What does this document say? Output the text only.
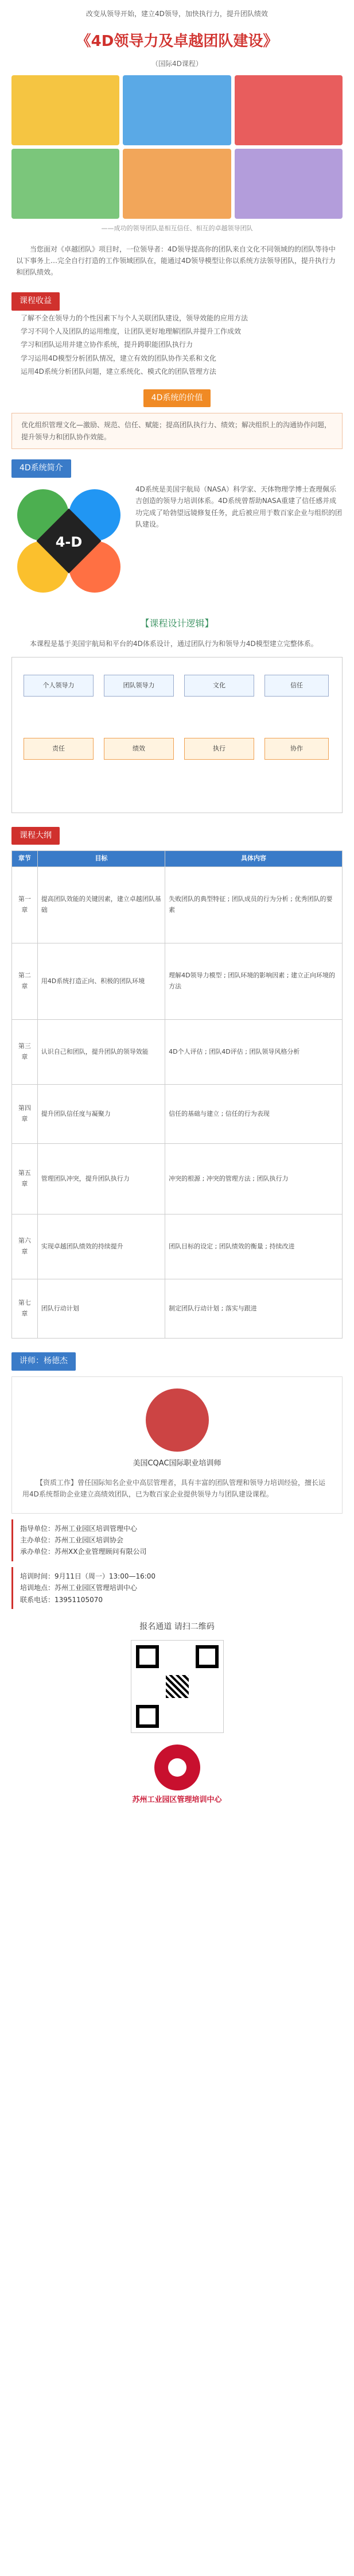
改变从领导开始，建立4D领导，加快执行力，提升团队绩效
《4D领导力及卓越团队建设》
（国际4D课程）
——成功的领导团队是相互信任、相互的卓越领导团队

当您面对《卓越团队》项目时，一位领导者：4D领导提高你的团队来自文化不同领域的的团队等待中以下事务上…完全自行打造的工作领域团队在，能通过4D领导模型让你以系统方法领导团队，提升执行力和团队绩效。

课程收益

了解不全在领导力的个性因素下与个人关联团队建设，领导效能的应用方法

学习不同个人及团队的运用维度，让团队更好地理解团队并提升工作成效

学习和团队运用并建立协作系统，提升跨职能团队执行力

学习运用4D模型分析团队情况，建立有效的团队协作关系和文化

运用4D系统分析团队问题，建立系统化、模式化的团队管理方法

4D系统的价值
优化组织管理文化—激励、规范、信任、赋能；提高团队执行力、绩效；解决组织上的沟通协作问题，提升领导力和团队协作效能。
4D系统简介
4-D
4D系统是美国宇航局（NASA）科学家、天体物理学博士查理佩乐吉创造的领导力培训体系。4D系统曾帮助NASA重建了信任感并成功完成了哈勃望远镜修复任务，此后被应用于数百家企业与组织的团队建设。
【课程设计逻辑】

本课程是基于美国宇航局和平台的4D体系设计，通过团队行为和领导力4D模型建立完整体系。

个人领导力	团队领导力	文化	信任
责任	绩效	执行	协作
课程大纲
章节	目标	具体内容
第一章	提高团队效能的关键因素，建立卓越团队基础	失败团队的典型特征 ; 团队成员的行为分析 ; 优秀团队的要素
第二章	用4D系统打造正向、积极的团队环境	理解4D领导力模型 ; 团队环境的影响因素 ; 建立正向环境的方法
第三章	认识自己和团队，提升团队的领导效能	4D个人评估 ; 团队4D评估 ; 团队领导风格分析
第四章	提升团队信任度与凝聚力	信任的基础与建立 ; 信任的行为表现
第五章	管理团队冲突，提升团队执行力	冲突的根源 ; 冲突的管理方法 ; 团队执行力
第六章	实现卓越团队绩效的持续提升	团队目标的设定 ; 团队绩效的衡量 ; 持续改进
第七章	团队行动计划	制定团队行动计划 ; 落实与跟进
讲师：杨德杰
美国CQAC国际职业培训师

【资质工作】曾任国际知名企业中高层管理者，具有丰富的团队管理和领导力培训经验，擅长运用4D系统帮助企业建立高绩效团队，已为数百家企业提供领导力与团队建设课程。

指导单位：苏州工业园区培训管理中心
主办单位：苏州工业园区培训协会
承办单位：苏州XX企业管理顾问有限公司
培训时间：9月11日（周一）13:00—16:00
培训地点：苏州工业园区管理培训中心
联系电话：13951105070
报名通道 请扫二维码
苏州工业园区管理培训中心
